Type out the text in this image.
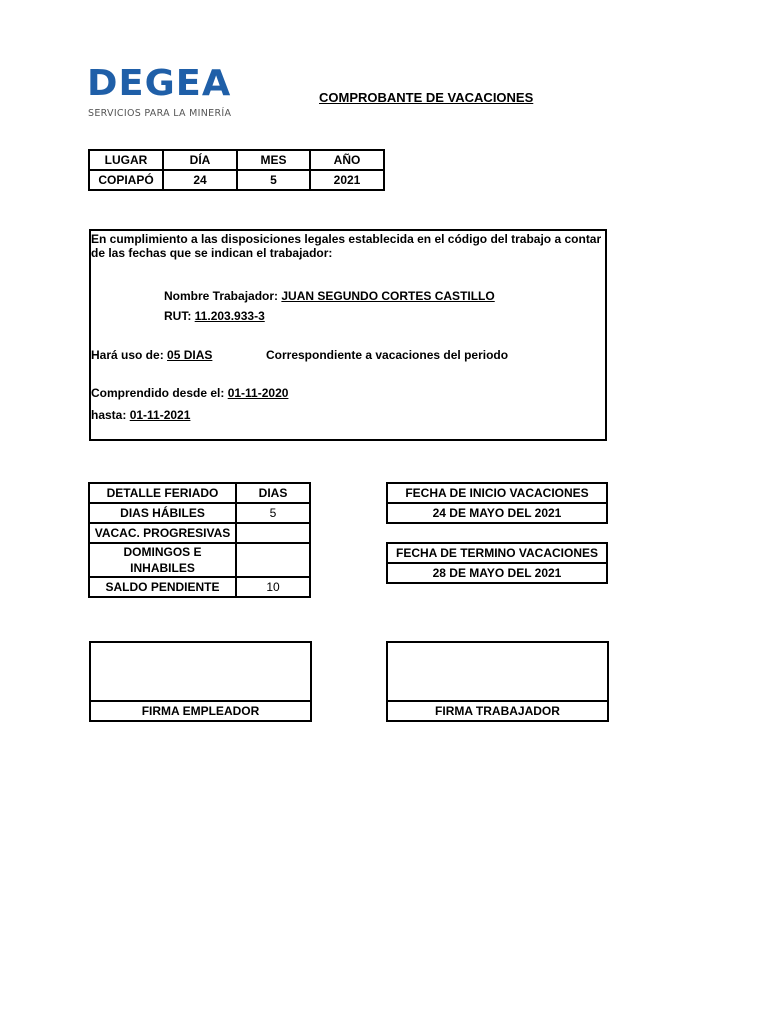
DEGEA
SERVICIOS PARA LA MINERÍA
COMPROBANTE DE VACACIONES
LUGAR	DÍA	MES	AÑO
COPIAPÓ	24	5	2021
En cumplimiento a las disposiciones legales establecida en el código del trabajo a contar de las fechas que se indican el trabajador:
Nombre Trabajador: JUAN SEGUNDO CORTES CASTILLO
RUT: 11.203.933-3
Hará uso de: 05 DIAS	Correspondiente a vacaciones del periodo
Comprendido desde el: 01-11-2020
hasta: 01-11-2021
DETALLE FERIADO	DIAS
DIAS HÁBILES	5
VACAC. PROGRESIVAS	
DOMINGOS E INHABILES	
SALDO PENDIENTE	10
FECHA DE INICIO VACACIONES
24 DE MAYO DEL 2021
FECHA DE TERMINO VACACIONES
28 DE MAYO DEL 2021
FIRMA EMPLEADOR	FIRMA TRABAJADOR
